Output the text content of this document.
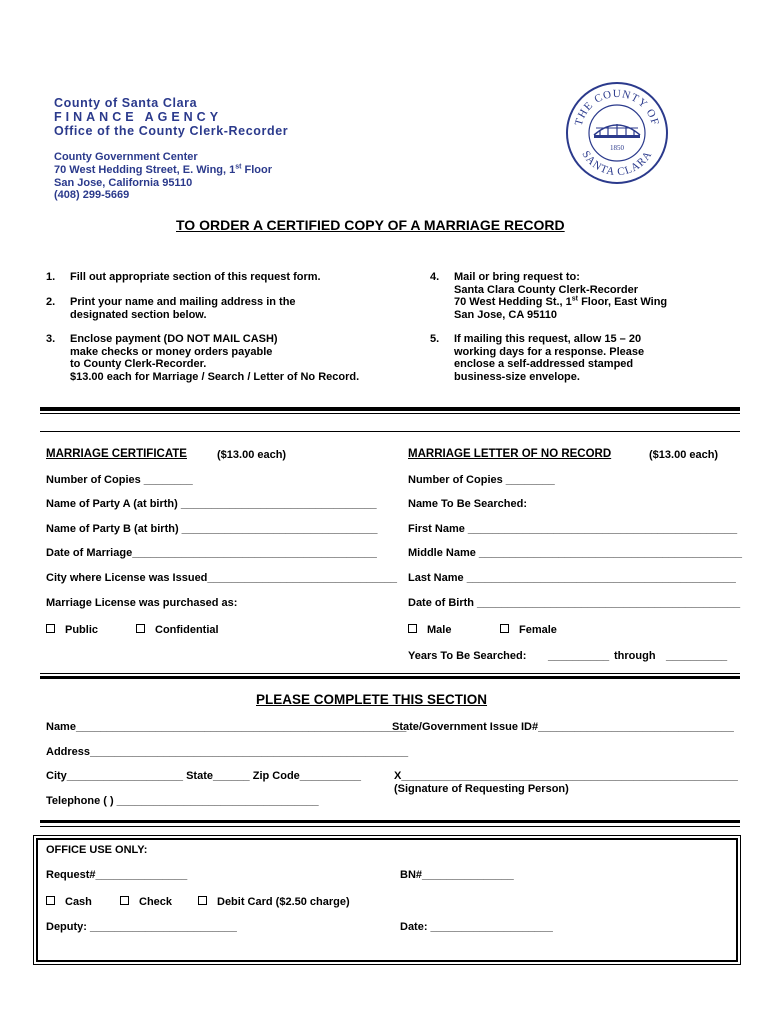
County of Santa Clara
FINANCE AGENCY
Office of the County Clerk-Recorder
County Government Center
70 West Hedding Street, E. Wing, 1st Floor
San Jose, California 95110
(408) 299-5669
THE COUNTY OF
SANTA CLARA
1850
TO ORDER A CERTIFIED COPY OF A MARRIAGE RECORD
1. Fill out appropriate section of this request form.
2. Print your name and mailing address in the
designated section below.
3. Enclose payment (DO NOT MAIL CASH)
make checks or money orders payable
to County Clerk-Recorder.
$13.00 each for Marriage / Search / Letter of No Record.
4. Mail or bring request to:
Santa Clara County Clerk-Recorder
70 West Hedding St., 1st Floor, East Wing
San Jose, CA 95110
5. If mailing this request, allow 15 – 20
working days for a response. Please
enclose a self-addressed stamped
business-size envelope.
MARRIAGE CERTIFICATE	($13.00 each)
Number of Copies ________
Name of Party A (at birth) ________________________________
Name of Party B (at birth) ________________________________
Date of Marriage________________________________________
City where License was Issued_______________________________
Marriage License was purchased as:
Public	Confidential
MARRIAGE LETTER OF NO RECORD	($13.00 each)
Number of Copies ________
Name To Be Searched:
First Name ____________________________________________
Middle Name ___________________________________________
Last Name ____________________________________________
Date of Birth ___________________________________________
Male	Female
Years To Be Searched: __________ through __________
PLEASE COMPLETE THIS SECTION
Name______________________________________________________
State/Government Issue ID#________________________________
Address____________________________________________________
City___________________ State______ Zip Code__________	X_______________________________________________________
(Signature of Requesting Person)
Telephone ( ) _________________________________
OFFICE USE ONLY:
Request#_______________	BN#_______________
Cash	Check	Debit Card ($2.50 charge)
Deputy: ________________________	Date: ____________________
